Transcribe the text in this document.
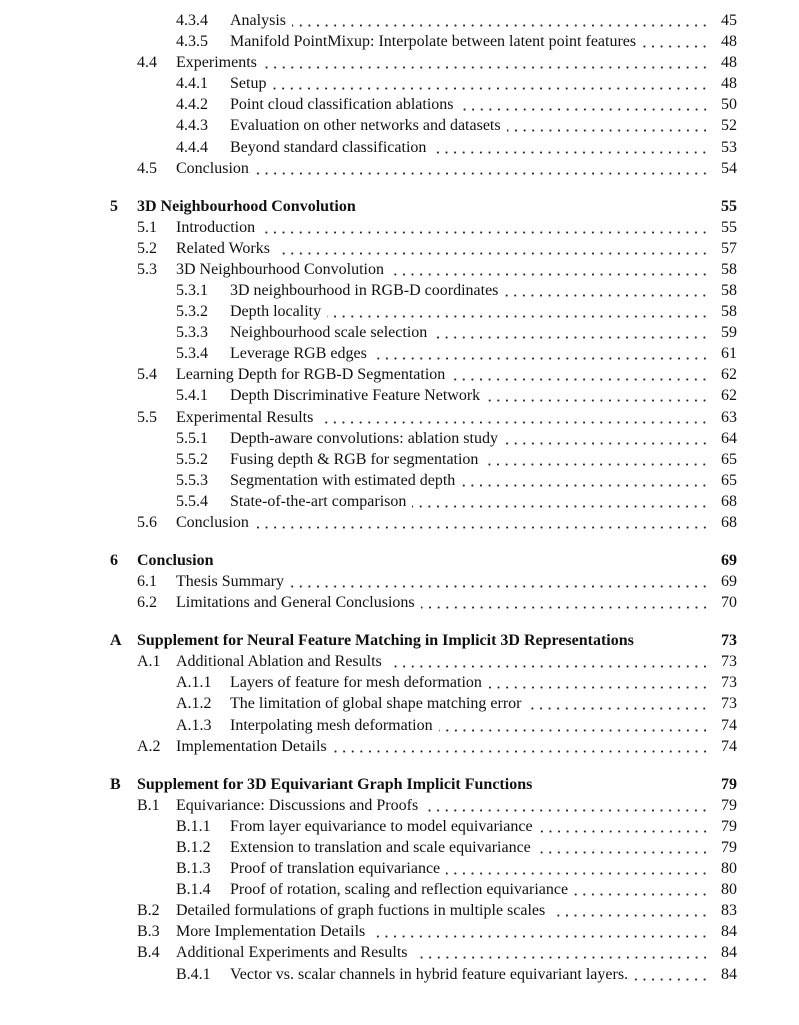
4.3.4 Analysis	45
4.3.5 Manifold PointMixup: Interpolate between latent point features	48
4.4 Experiments	48
4.4.1 Setup	48
4.4.2 Point cloud classification ablations	50
4.4.3 Evaluation on other networks and datasets	52
4.4.4 Beyond standard classification	53
4.5 Conclusion	54
5 3D Neighbourhood Convolution	55
5.1 Introduction	55
5.2 Related Works	57
5.3 3D Neighbourhood Convolution	58
5.3.1 3D neighbourhood in RGB-D coordinates	58
5.3.2 Depth locality	58
5.3.3 Neighbourhood scale selection	59
5.3.4 Leverage RGB edges	61
5.4 Learning Depth for RGB-D Segmentation	62
5.4.1 Depth Discriminative Feature Network	62
5.5 Experimental Results	63
5.5.1 Depth-aware convolutions: ablation study	64
5.5.2 Fusing depth & RGB for segmentation	65
5.5.3 Segmentation with estimated depth	65
5.5.4 State-of-the-art comparison	68
5.6 Conclusion	68
6 Conclusion	69
6.1 Thesis Summary	69
6.2 Limitations and General Conclusions	70
A Supplement for Neural Feature Matching in Implicit 3D Representations	73
A.1 Additional Ablation and Results	73
A.1.1 Layers of feature for mesh deformation	73
A.1.2 The limitation of global shape matching error	73
A.1.3 Interpolating mesh deformation	74
A.2 Implementation Details	74
B Supplement for 3D Equivariant Graph Implicit Functions	79
B.1 Equivariance: Discussions and Proofs	79
B.1.1 From layer equivariance to model equivariance	79
B.1.2 Extension to translation and scale equivariance	79
B.1.3 Proof of translation equivariance	80
B.1.4 Proof of rotation, scaling and reflection equivariance	80
B.2 Detailed formulations of graph fuctions in multiple scales	83
B.3 More Implementation Details	84
B.4 Additional Experiments and Results	84
B.4.1 Vector vs. scalar channels in hybrid feature equivariant layers.	84
